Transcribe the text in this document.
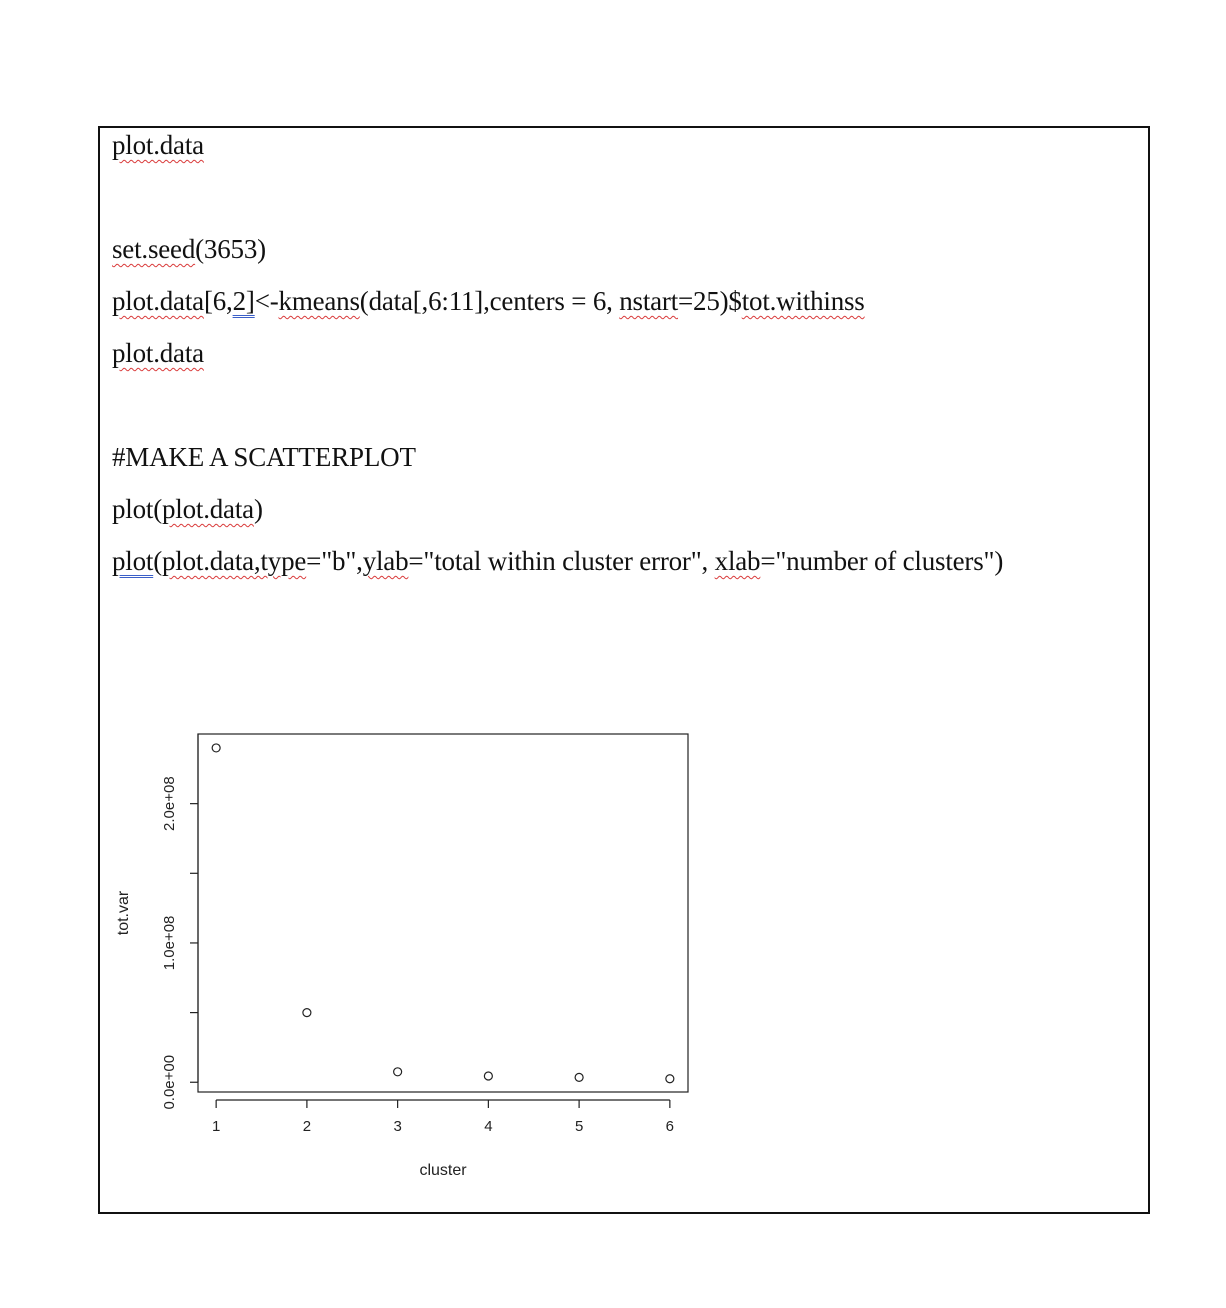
plot.data
set.seed(3653)
plot.data[6,2]<-kmeans(data[,6:11],centers = 6, nstart=25)$tot.withinss
plot.data
#MAKE A SCATTERPLOT
plot(plot.data)
plot(plot.data,type="b",ylab="total within cluster error", xlab="number of clusters")
0.0e+00
1.0e+08
2.0e+08
1	2	3	4	5	6
cluster
tot.var
